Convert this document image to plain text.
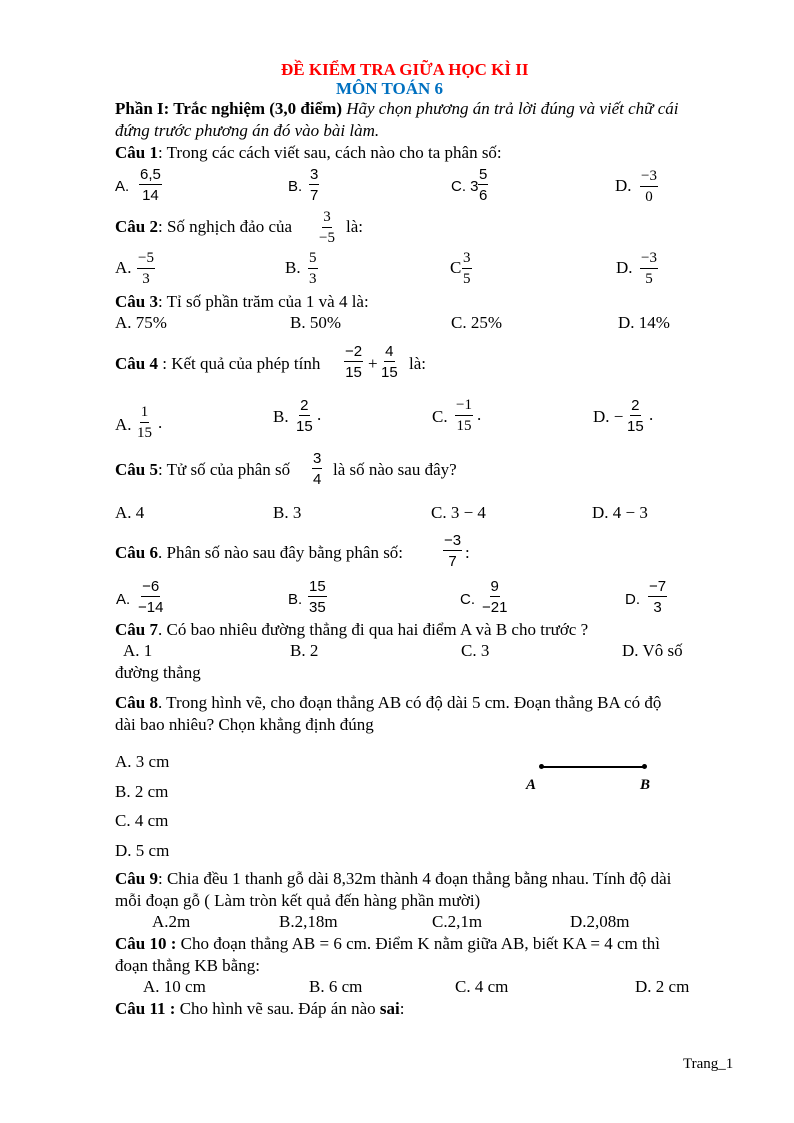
ĐỀ KIỂM TRA GIỮA HỌC KÌ II
MÔN TOÁN 6
Phần I: Trắc nghiệm (3,0 điểm) Hãy chọn phương án trả lời đúng và viết chữ cái
đứng trước phương án đó vào bài làm.
Câu 1: Trong các cách viết sau, cách nào cho ta phân số:
A. $\frac{6,5}{14}$	B. $\frac{3}{7}$	C. $3 \frac{5}{6}$	D. $\frac{-3}{0}$
Câu 2: Số nghịch đảo của $\frac{3}{-5}$ là:
A. $\frac{-5}{3}$	B. $\frac{5}{3}$	C $\frac{3}{5}$	D. $\frac{-3}{5}$
Câu 3: Tỉ số phần trăm của 1 và 4 là:
A. 75%	B. 50%	C. 25%	D. 14%
Câu 4 : Kết quả của phép tính $\frac{-2}{15} + \frac{4}{15}$ là:
A. $\frac{1}{15}$ .	B. $\frac{2}{15}$ .	C. $\frac{-1}{15}$ .	D. − $\frac{2}{15}$ .
Câu 5: Tử số của phân số $\frac{3}{4}$ là số nào sau đây?
A. 4	B. 3	C. 3 − 4	D. 4 − 3
Câu 6. Phân số nào sau đây bằng phân số:	$\frac{-3}{7}$ :
A. $\frac{-6}{-14}$	B. $\frac{15}{35}$	C. $\frac{9}{-21}$	D. $\frac{-7}{3}$
Câu 7. Có bao nhiêu đường thẳng đi qua hai điểm A và B cho trước ?
A. 1	B. 2	C. 3	D. Vô số
đường thẳng
Câu 8. Trong hình vẽ, cho đoạn thẳng AB có độ dài 5 cm. Đoạn thẳng BA có độ
dài bao nhiêu? Chọn khẳng định đúng
A. 3 cm
B. 2 cm
C. 4 cm
D. 5 cm
A	B
Câu 9: Chia đều 1 thanh gỗ dài 8,32m thành 4 đoạn thẳng bằng nhau. Tính độ dài
mỗi đoạn gỗ ( Làm tròn kết quả đến hàng phần mười)
A.2m	B.2,18m	C.2,1m	D.2,08m
Câu 10 : Cho đoạn thẳng AB = 6 cm. Điểm K nằm giữa AB, biết KA = 4 cm thì
đoạn thẳng KB bằng:
A. 10 cm	B. 6 cm	C. 4 cm	D. 2 cm
Câu 11 : Cho hình vẽ sau. Đáp án nào sai:
Trang_1
